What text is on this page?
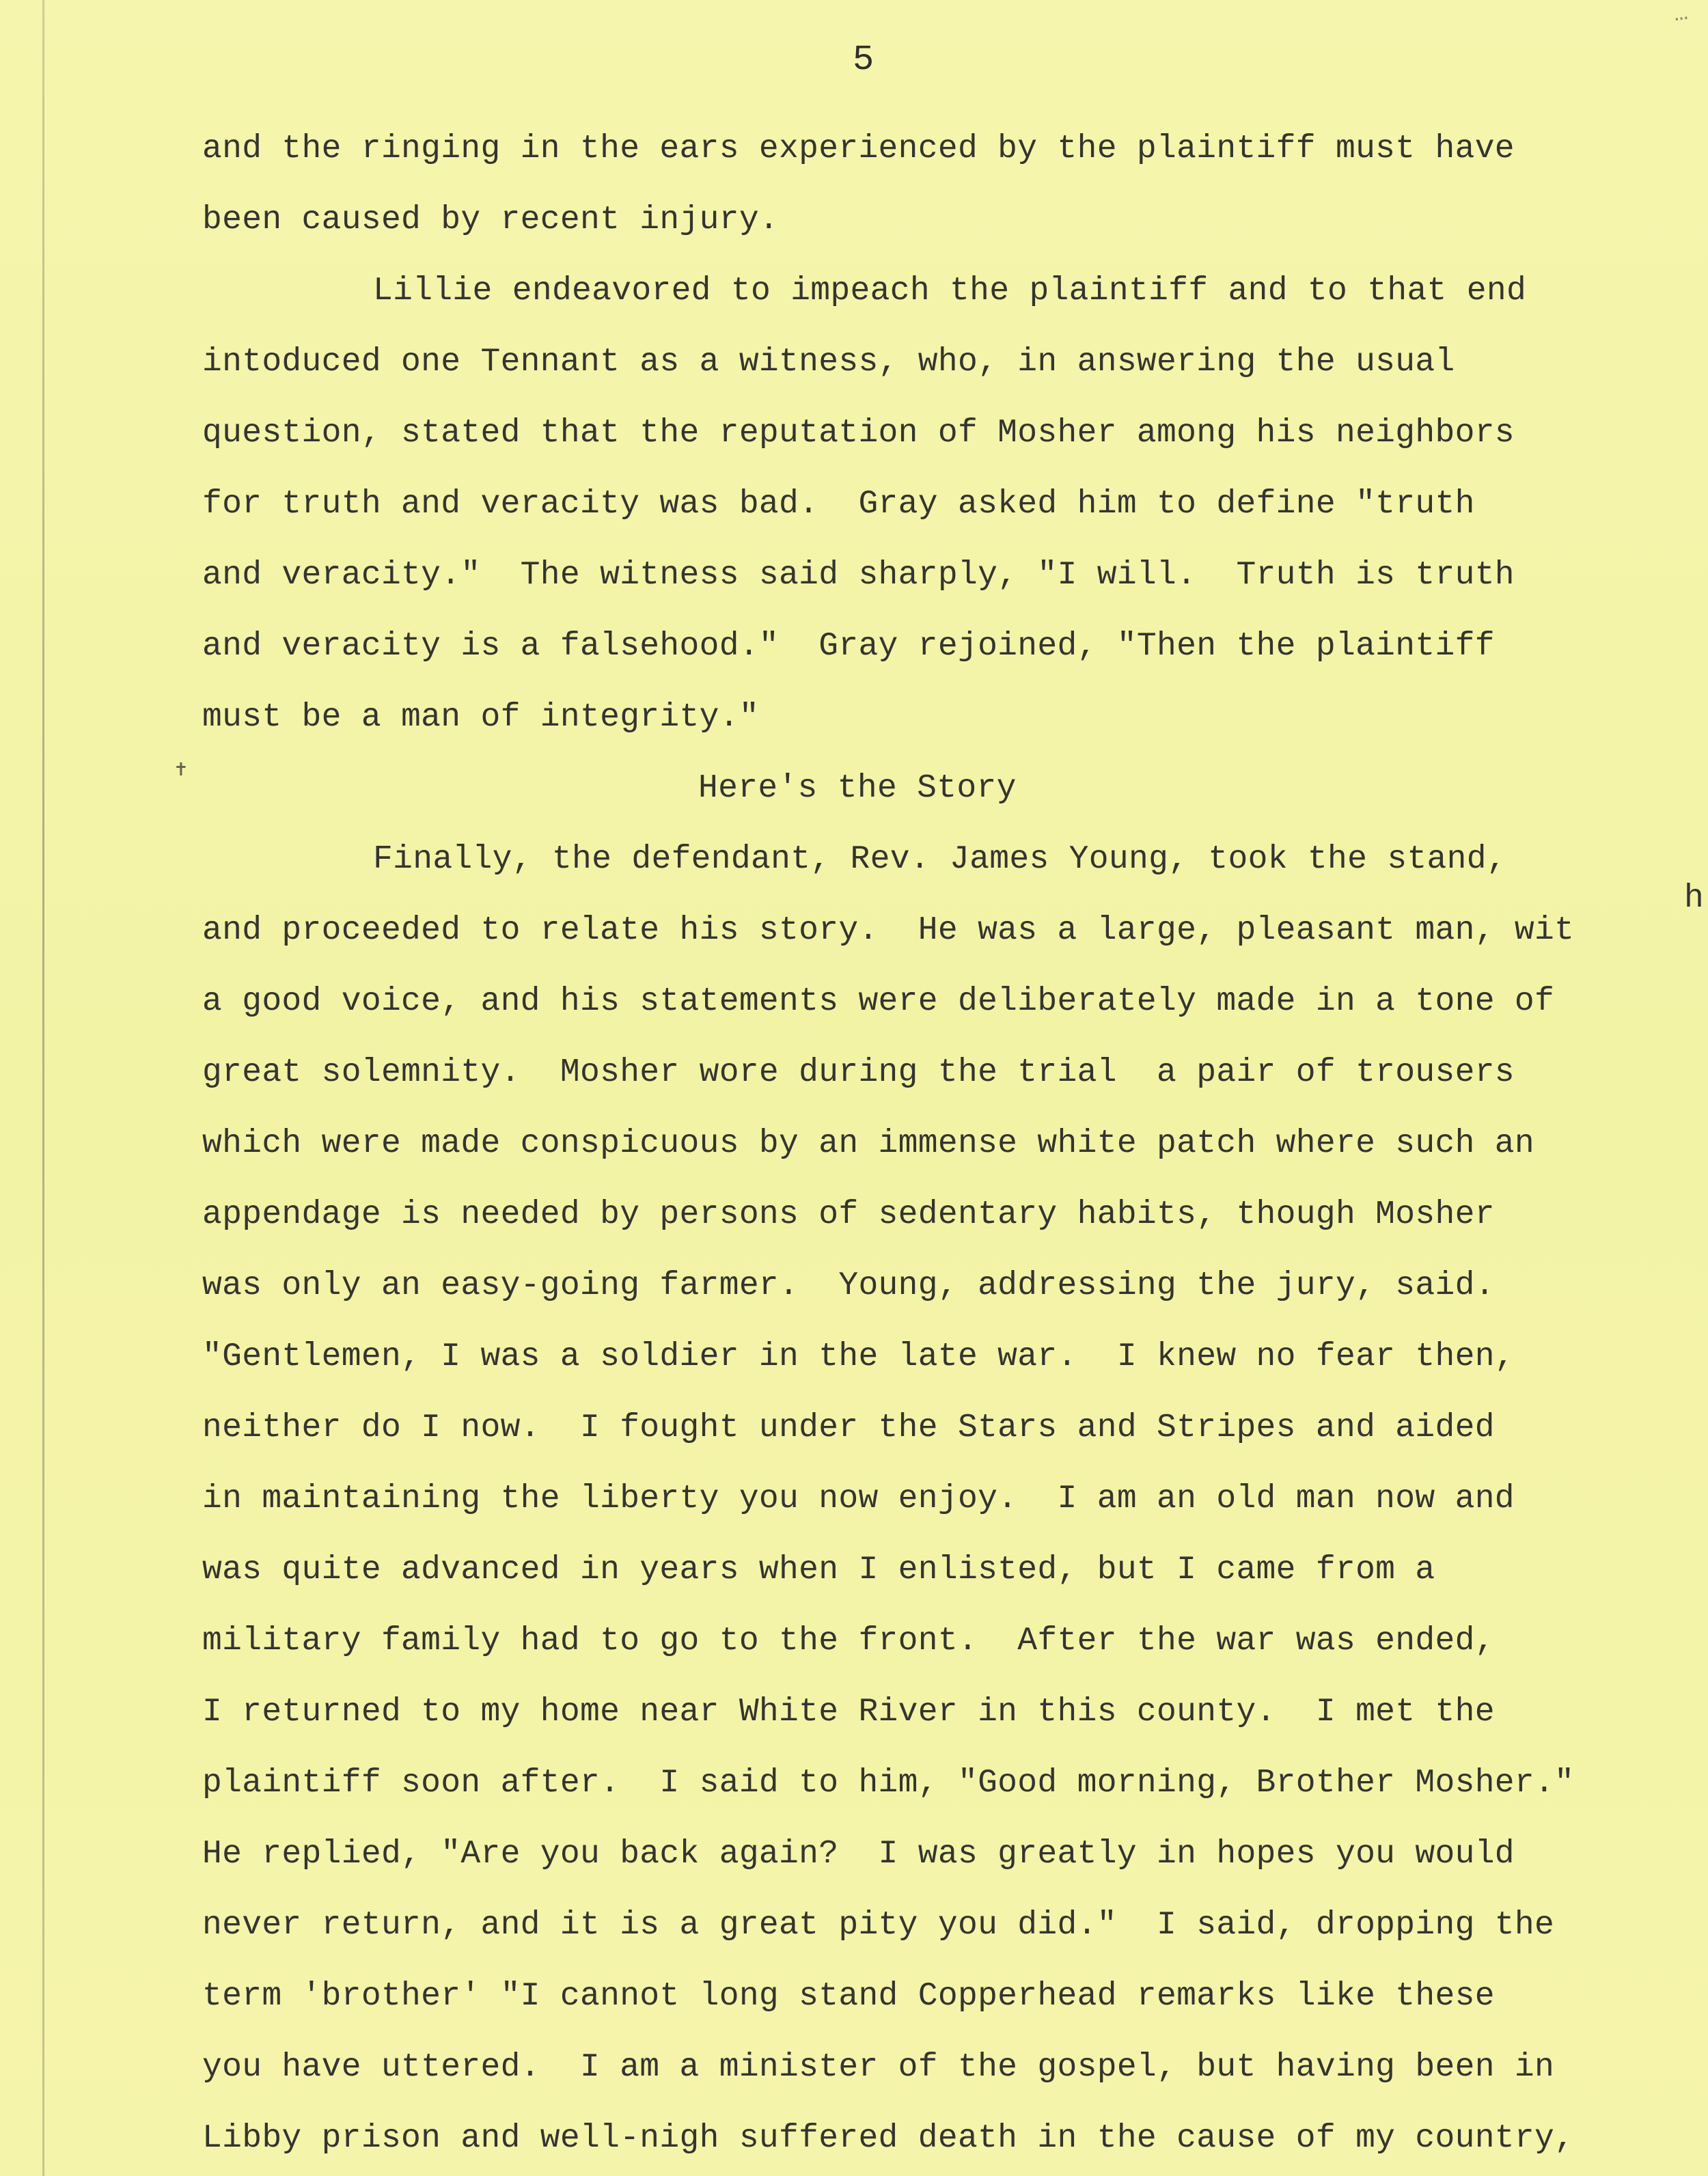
…
5
✝
h
and the ringing in the ears experienced by the plaintiff must have
been caused by recent injury.
Lillie endeavored to impeach the plaintiff and to that end
intoduced one Tennant as a witness, who, in answering the usual
question, stated that the reputation of Mosher among his neighbors
for truth and veracity was bad.  Gray asked him to define "truth
and veracity."  The witness said sharply, "I will.  Truth is truth
and veracity is a falsehood."  Gray rejoined, "Then the plaintiff
must be a man of integrity."
Here's the Story
Finally, the defendant, Rev. James Young, took the stand,
and proceeded to relate his story.  He was a large, pleasant man, wit
a good voice, and his statements were deliberately made in a tone of
great solemnity.  Mosher wore during the trial  a pair of trousers
which were made conspicuous by an immense white patch where such an
appendage is needed by persons of sedentary habits, though Mosher
was only an easy-going farmer.  Young, addressing the jury, said.
"Gentlemen, I was a soldier in the late war.  I knew no fear then,
neither do I now.  I fought under the Stars and Stripes and aided
in maintaining the liberty you now enjoy.  I am an old man now and
was quite advanced in years when I enlisted, but I came from a
military family had to go to the front.  After the war was ended,
I returned to my home near White River in this county.  I met the
plaintiff soon after.  I said to him, "Good morning, Brother Mosher."
He replied, "Are you back again?  I was greatly in hopes you would
never return, and it is a great pity you did."  I said, dropping the
term 'brother' "I cannot long stand Copperhead remarks like these
you have uttered.  I am a minister of the gospel, but having been in
Libby prison and well-nigh suffered death in the cause of my country,
